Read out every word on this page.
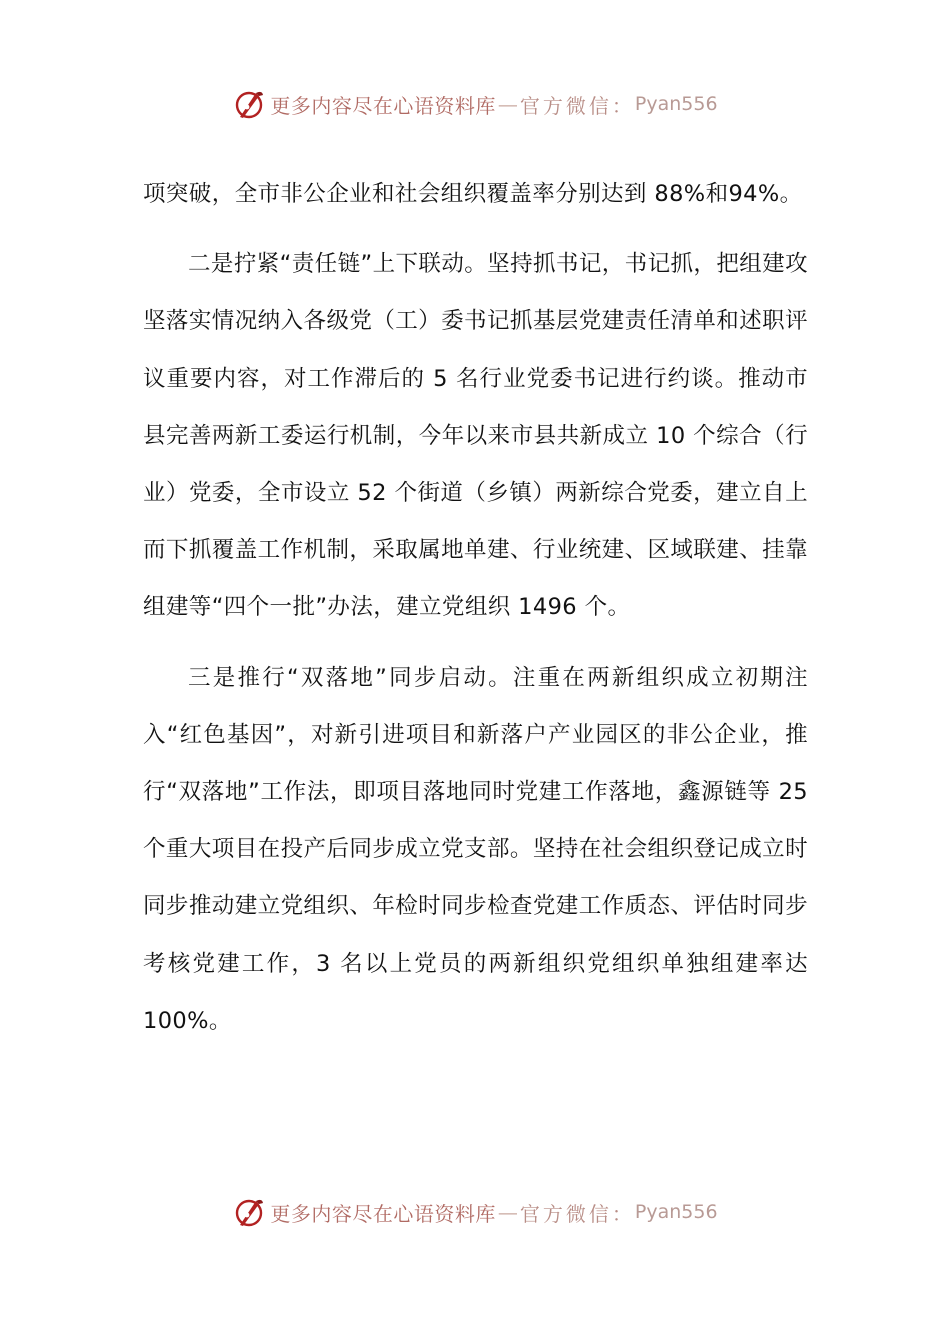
更多内容尽在心语资料库 — 官方微信： Pyan556

项突破，全市非公企业和社会组织覆盖率分别达到 88%和94%。

二是拧紧“责任链”上下联动。坚持抓书记，书记抓，把组建攻坚落实情况纳入各级党（工）委书记抓基层党建责任清单和述职评议重要内容，对工作滞后的 5 名行业党委书记进行约谈。推动市县完善两新工委运行机制，今年以来市县共新成立 10 个综合（行业）党委，全市设立 52 个街道（乡镇）两新综合党委，建立自上而下抓覆盖工作机制，采取属地单建、行业统建、区域联建、挂靠组建等“四个一批”办法，建立党组织 1496 个。

三是推行“双落地”同步启动。注重在两新组织成立初期注入“红色基因”，对新引进项目和新落户产业园区的非公企业，推行“双落地”工作法，即项目落地同时党建工作落地，鑫源链等 25 个重大项目在投产后同步成立党支部。坚持在社会组织登记成立时同步推动建立党组织、年检时同步检查党建工作质态、评估时同步考核党建工作，3 名以上党员的两新组织党组织单独组建率达 100%。

更多内容尽在心语资料库 — 官方微信： Pyan556
